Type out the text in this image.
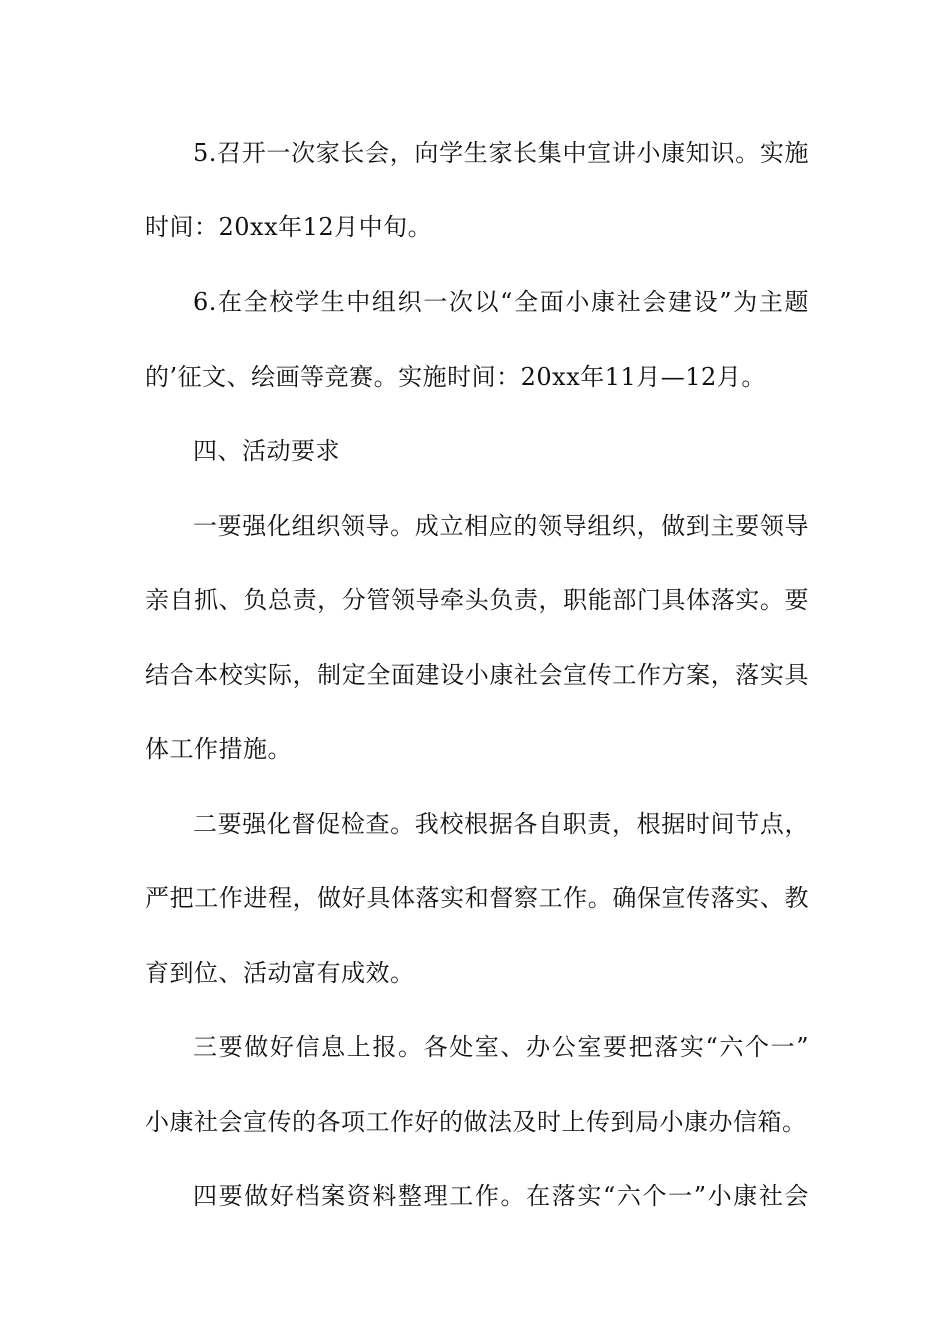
5.召开一次家长会，向学生家长集中宣讲小康知识。实施
时间：20xx年12月中旬。
6.在全校学生中组织一次以“全面小康社会建设”为主题
的’征文、绘画等竞赛。实施时间：20xx年11月—12月。
四、活动要求
一要强化组织领导。成立相应的领导组织，做到主要领导
亲自抓、负总责，分管领导牵头负责，职能部门具体落实。要
结合本校实际，制定全面建设小康社会宣传工作方案，落实具
体工作措施。
二要强化督促检查。我校根据各自职责，根据时间节点，
严把工作进程，做好具体落实和督察工作。确保宣传落实、教
育到位、活动富有成效。
三要做好信息上报。各处室、办公室要把落实“六个一”
小康社会宣传的各项工作好的做法及时上传到局小康办信箱。
四要做好档案资料整理工作。在落实“六个一”小康社会
